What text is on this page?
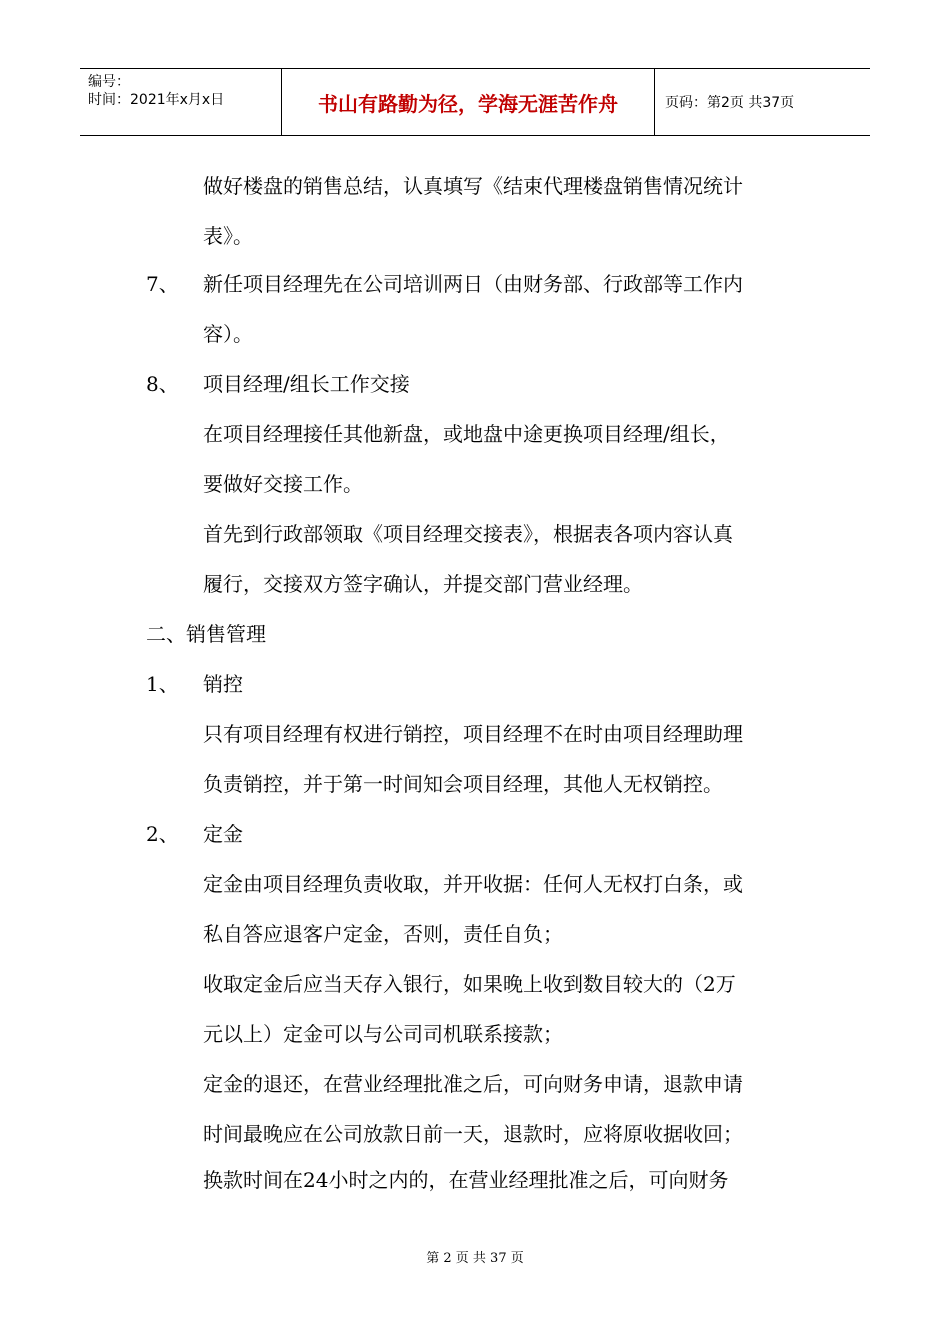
编号：
时间：2021年x月x日	书山有路勤为径，学海无涯苦作舟	页码：第2页 共37页
做好楼盘的销售总结，认真填写《结束代理楼盘销售情况统计
表》。
7、 新任项目经理先在公司培训两日（由财务部、行政部等工作内
容）。
8、 项目经理/组长工作交接
在项目经理接任其他新盘，或地盘中途更换项目经理/组长，
要做好交接工作。
首先到行政部领取《项目经理交接表》，根据表各项内容认真
履行，交接双方签字确认，并提交部门营业经理。
二、销售管理
1、 销控
只有项目经理有权进行销控，项目经理不在时由项目经理助理
负责销控，并于第一时间知会项目经理，其他人无权销控。
2、 定金
定金由项目经理负责收取，并开收据：任何人无权打白条，或
私自答应退客户定金，否则，责任自负；
收取定金后应当天存入银行，如果晚上收到数目较大的（2万
元以上）定金可以与公司司机联系接款；
定金的退还，在营业经理批准之后，可向财务申请，退款申请
时间最晚应在公司放款日前一天，退款时，应将原收据收回；
换款时间在24小时之内的，在营业经理批准之后，可向财务
第 2 页 共 37 页
